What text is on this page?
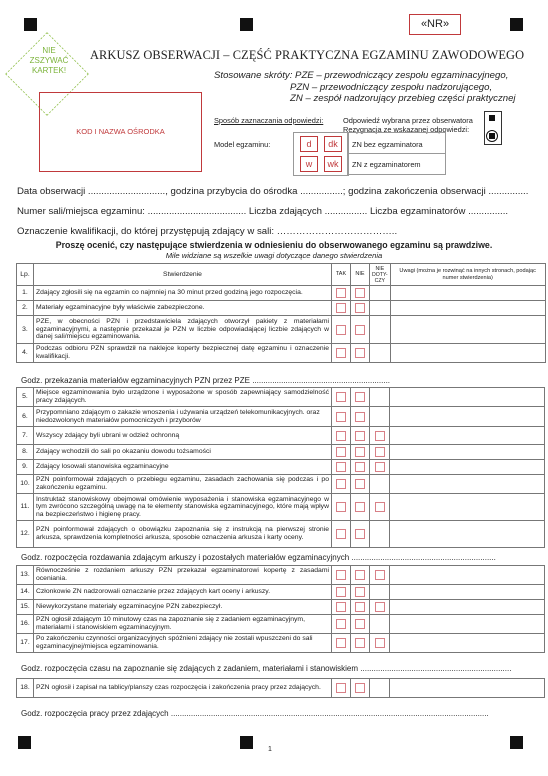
«NR»
NIE ZSZYWAĆ KARTEK!
ARKUSZ OBSERWACJI – CZĘŚĆ PRAKTYCZNA EGZAMINU ZAWODOWEGO
Stosowane skróty: PZE – przewodniczący zespołu egzaminacyjnego,
PZN – przewodniczący zespołu nadzorującego,
ZN – zespół nadzorujący przebieg części praktycznej
KOD I NAZWA OŚRODKA
Sposób zaznaczania odpowiedzi:	Odpowiedź wybrana przez obserwatora
Rezygnacja ze wskazanej odpowiedzi:
Model egzaminu:	d	dk
w	wk
ZN bez egzaminatora
ZN z egzaminatorem
Data obserwacji ............................., godzina przybycia do ośrodka ................; godzina zakończenia obserwacji ...............
Numer sali/miejsca egzaminu: ..................................... Liczba zdających ................ Liczba egzaminatorów ...............
Oznaczenie kwalifikacji, do której przystępują zdający w sali: ………………………………..
Proszę ocenić, czy następujące stwierdzenia w odniesieniu do obserwowanego egzaminu są prawdziwe.
Mile widziane są wszelkie uwagi dotyczące danego stwierdzenia
Lp.	Stwierdzenie	TAK	NIE	NIE DOTY-CZY	Uwagi (można je rozwinąć na innych stronach, podając numer stwierdzenia)
1.	Zdający zgłosili się na egzamin co najmniej na 30 minut przed godziną jego rozpoczęcia.				
2.	Materiały egzaminacyjne były właściwie zabezpieczone.				
3.	PZE, w obecności PZN i przedstawiciela zdających otworzył pakiety z materiałami egzaminacyjnymi, a następnie przekazał je PZN w liczbie odpowiadającej liczbie zdających w danej sali/miejscu egzaminowania.				
4.	Podczas odbioru PZN sprawdził na naklejce koperty bezpiecznej datę egzaminu i oznaczenie kwalifikacji.				
Godz. przekazania materiałów egzaminacyjnych PZN przez PZE ..............................................................
5.	Miejsce egzaminowania było urządzone i wyposażone w sposób zapewniający samodzielność pracy zdających.				
6.	Przypomniano zdającym o zakazie wnoszenia i używania urządzeń telekomunikacyjnych. oraz niedozwolonych materiałów pomocniczych i przyborów				
7.	Wszyscy zdający byli ubrani w odzież ochronną				
8.	Zdający wchodzili do sali po okazaniu dowodu tożsamości				
9.	Zdający losowali stanowiska egzaminacyjne				
10.	PZN poinformował zdających o przebiegu egzaminu, zasadach zachowania się podczas i po zakończeniu egzaminu.				
11.	Instruktaż stanowiskowy obejmował omówienie wyposażenia i stanowiska egzaminacyjnego w tym zwrócono szczególną uwagę na te elementy stanowiska egzaminacyjnego, które mają wpływ na bezpieczeństwo i higienę pracy.				
12.	PZN poinformował zdających o obowiązku zapoznania się z instrukcją na pierwszej stronie arkusza, sprawdzenia kompletności arkusza, sposobie oznaczenia arkusza i karty oceny.				
Godz. rozpoczęcia rozdawania zdającym arkuszy i pozostałych materiałów egzaminacyjnych .................................................................
13.	Równocześnie z rozdaniem arkuszy PZN przekazał egzaminatorowi kopertę z zasadami oceniania.				
14.	Członkowie ZN nadzorowali oznaczanie przez zdających kart oceny i arkuszy.				
15.	Niewykorzystane materiały egzaminacyjne PZN zabezpieczył.				
16.	PZN ogłosił zdającym 10 minutowy czas na zapoznanie się z zadaniem egzaminacyjnym, materiałami i stanowiskiem egzaminacyjnym.				
17.	Po zakończeniu czynności organizacyjnych spóźnieni zdający nie zostali wpuszczeni do sali egzaminacyjnej/miejsca egzaminowania.				
Godz. rozpoczęcia czasu na zapoznanie się zdających z zadaniem, materiałami i stanowiskiem ....................................................................
18.	PZN ogłosił i zapisał na tablicy/planszy czas rozpoczęcia i zakończenia pracy przez zdających.				
Godz. rozpoczęcia pracy przez zdających ...............................................................................................................................................
1
